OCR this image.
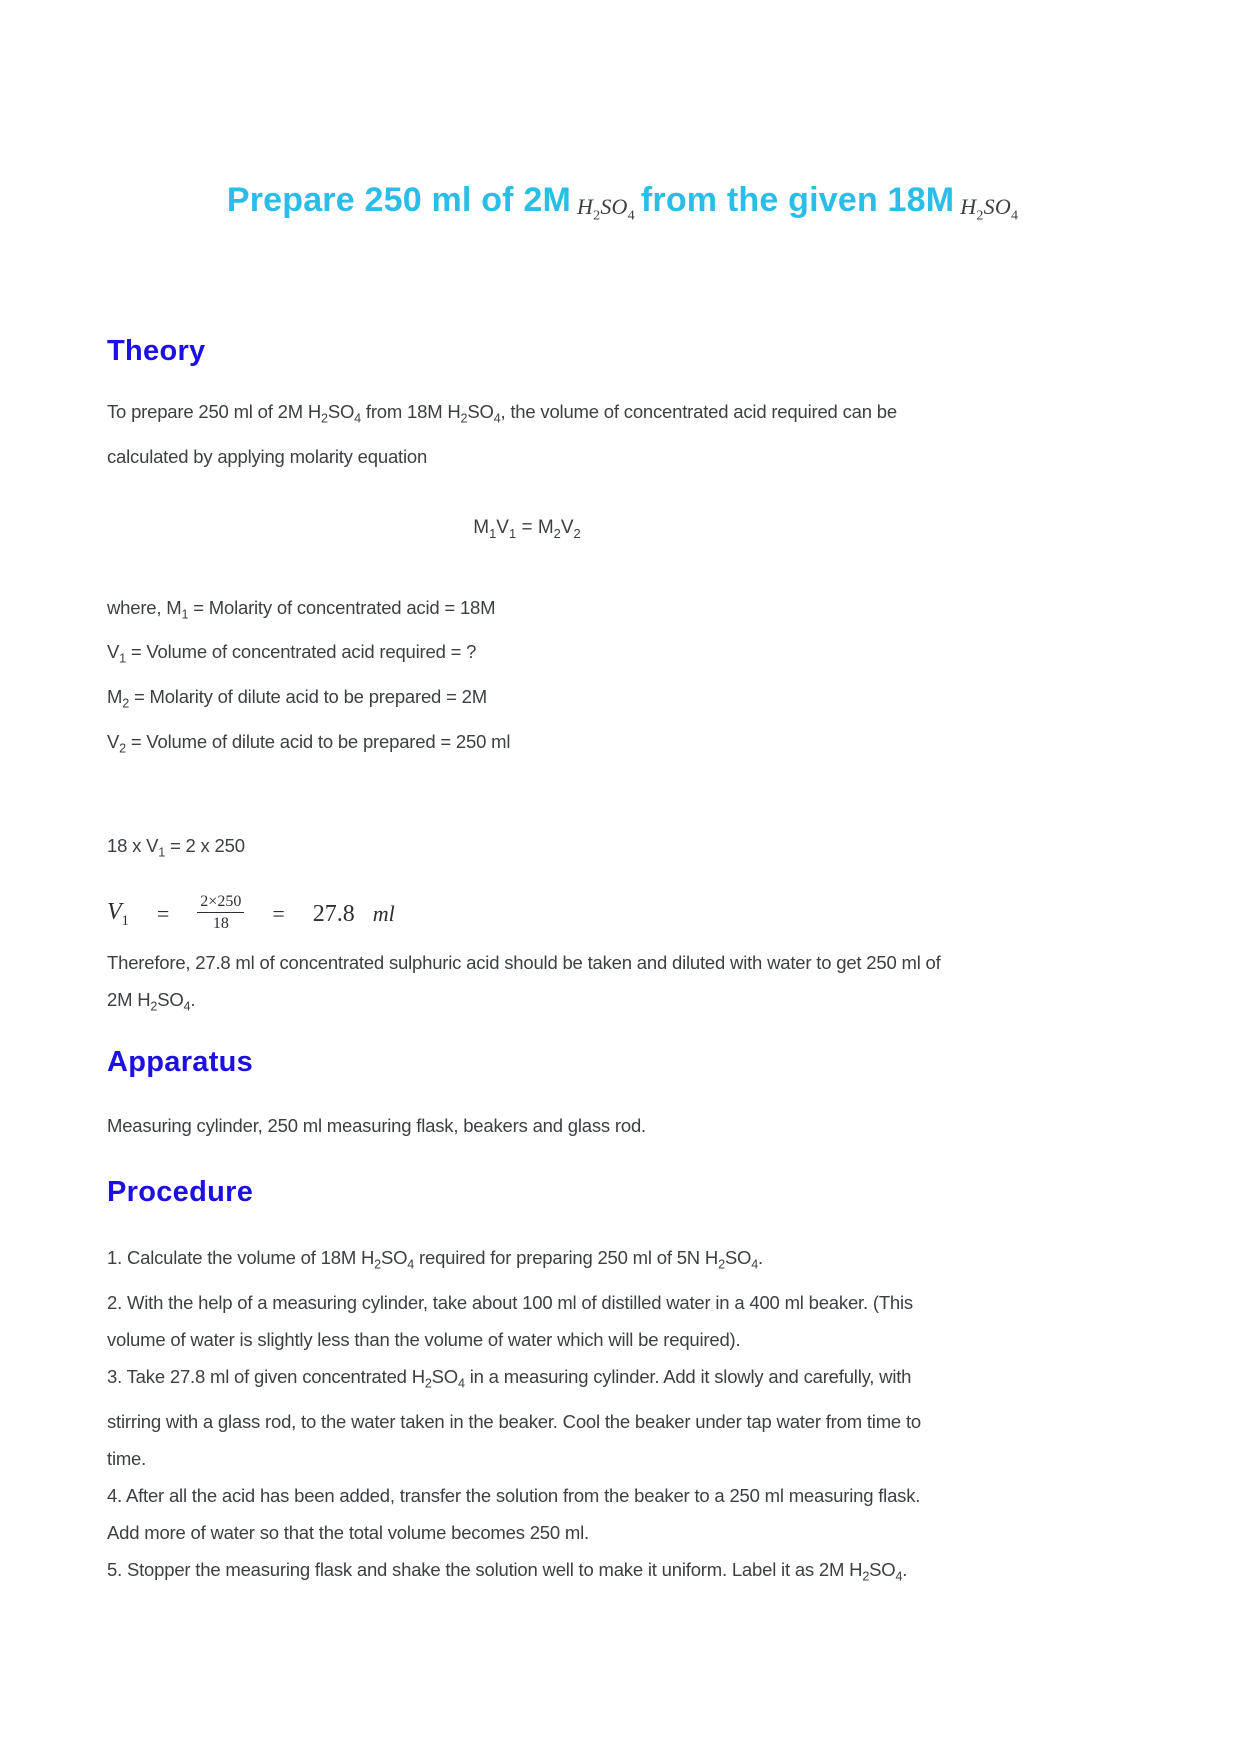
Prepare 250 ml of 2M $H_2SO_4$ from the given 18M $H_2SO_4$
Theory

To prepare 250 ml of 2M $H_2SO_4$ from 18M $H_2SO_4$, the volume of concentrated acid required can be calculated by applying molarity equation

$M_1V_1 = M_2V_2$
where, $M_1$ = Molarity of concentrated acid = 18M
$V_1$ = Volume of concentrated acid required = ?
$M_2$ = Molarity of dilute acid to be prepared = 2M
$V_2$ = Volume of dilute acid to be prepared = 250 ml
18 x $V_1 = 2$ x 250
$V_1 = \frac{2\times 250}{18} = 27.8$ ml

Therefore, 27.8 ml of concentrated sulphuric acid should be taken and diluted with water to get 250 ml of 2M $H_2SO_4$.

Apparatus

Measuring cylinder, 250 ml measuring flask, beakers and glass rod.

Procedure
1. Calculate the volume of 18M $H_2SO_4$ required for preparing 250 ml of 5N $H_2SO_4$.
2. With the help of a measuring cylinder, take about 100 ml of distilled water in a 400 ml beaker. (This volume of water is slightly less than the volume of water which will be required).
3. Take 27.8 ml of given concentrated $H_2SO_4$ in a measuring cylinder. Add it slowly and carefully, with stirring with a glass rod, to the water taken in the beaker. Cool the beaker under tap water from time to time.
4. After all the acid has been added, transfer the solution from the beaker to a 250 ml measuring flask. Add more of water so that the total volume becomes 250 ml.
5. Stopper the measuring flask and shake the solution well to make it uniform. Label it as 2M $H_2SO_4$.
